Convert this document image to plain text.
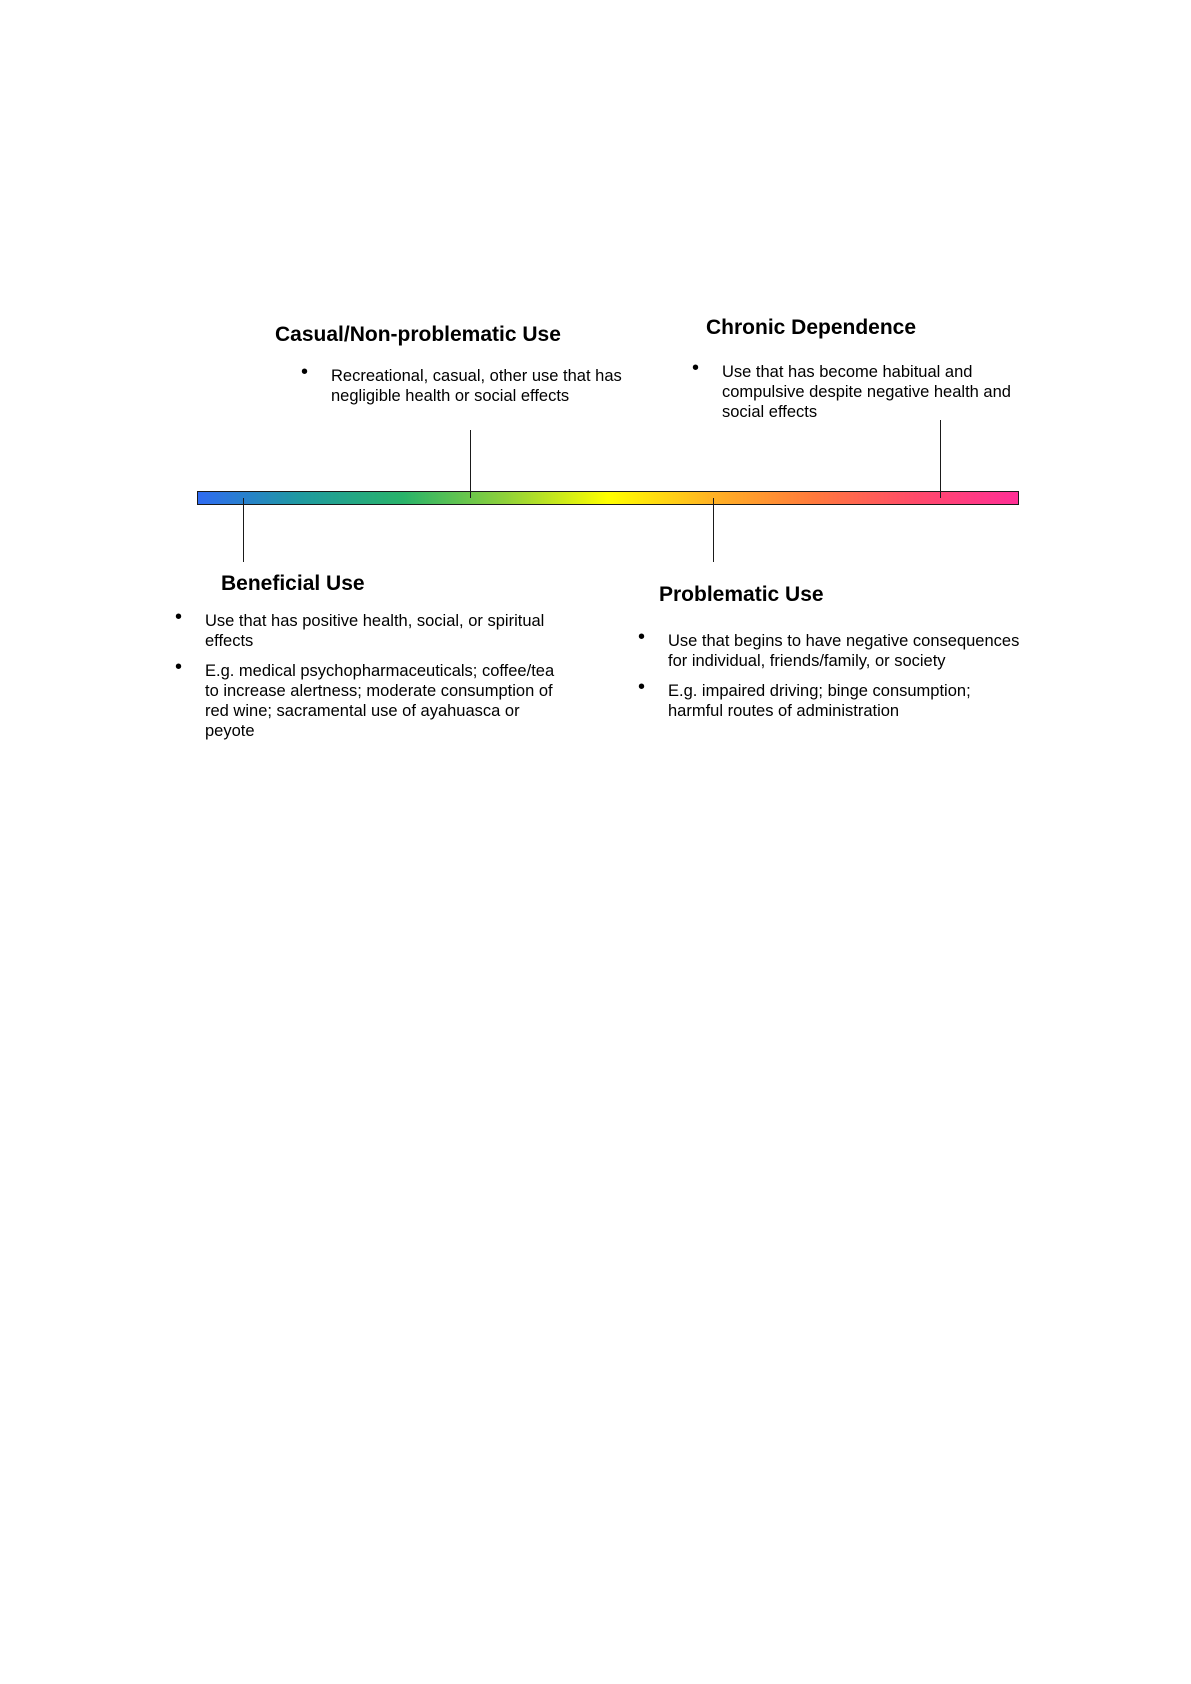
Casual/Non-problematic Use
• Recreational, casual, other use that has negligible health or social effects
Chronic Dependence
• Use that has become habitual and compulsive despite negative health and social effects
Beneficial Use
• Use that has positive health, social, or spiritual effects
• E.g. medical psychopharmaceuticals; coffee/tea to increase alertness; moderate consumption of red wine; sacramental use of ayahuasca or peyote
Problematic Use
• Use that begins to have negative consequences for individual, friends/family, or society
• E.g. impaired driving; binge consumption; harmful routes of administration
